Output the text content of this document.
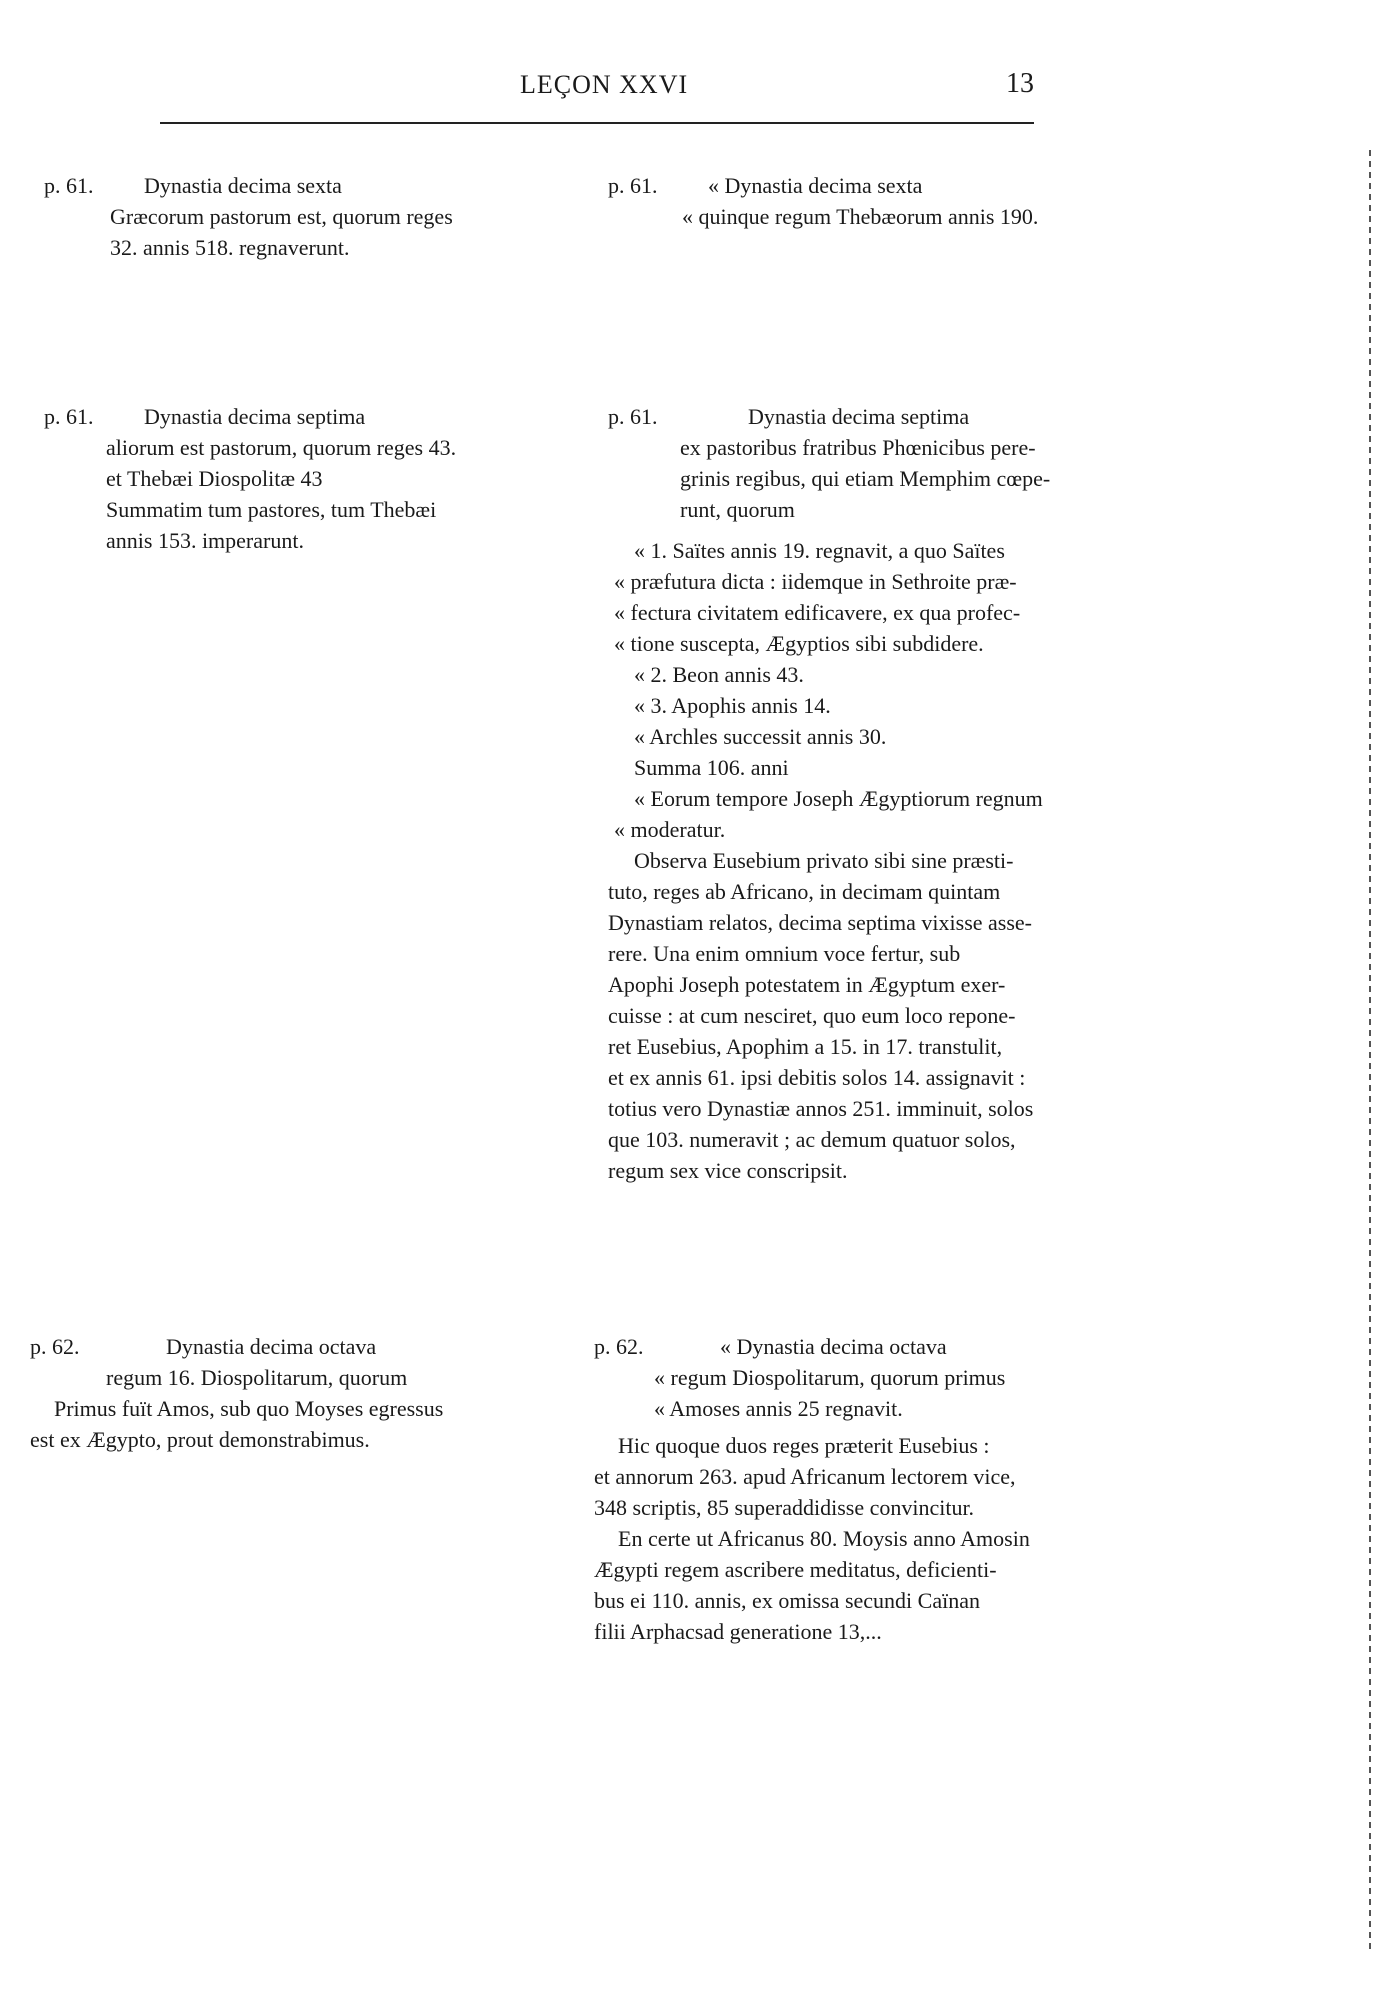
LEÇON XXVI	13
p. 61. Dynastia decima sexta
Græcorum pastorum est, quorum reges
32. annis 518. regnaverunt.
p. 61. « Dynastia decima sexta
« quinque regum Thebæorum annis 190.
p. 61. Dynastia decima septima
aliorum est pastorum, quorum reges 43.
et Thebæi Diospolitæ 43
Summatim tum pastores, tum Thebæi
annis 153. imperarunt.
p. 61.	Dynastia decima septima
ex pastoribus fratribus Phœnicibus pere-
grinis regibus, qui etiam Memphim cœpe-
runt, quorum
« 1. Saïtes annis 19. regnavit, a quo Saïtes
« præfutura dicta : iidemque in Sethroite præ-
« fectura civitatem edificavere, ex qua profec-
« tione suscepta, Ægyptios sibi subdidere.
« 2. Beon annis 43.
« 3. Apophis annis 14.
« Archles successit annis 30.
Summa 106. anni
« Eorum tempore Joseph Ægyptiorum regnum
« moderatur.
Observa Eusebium privato sibi sine præsti-
tuto, reges ab Africano, in decimam quintam
Dynastiam relatos, decima septima vixisse asse-
rere. Una enim omnium voce fertur, sub
Apophi Joseph potestatem in Ægyptum exer-
cuisse : at cum nesciret, quo eum loco repone-
ret Eusebius, Apophim a 15. in 17. transtulit,
et ex annis 61. ipsi debitis solos 14. assignavit :
totius vero Dynastiæ annos 251. imminuit, solos
que 103. numeravit ; ac demum quatuor solos,
regum sex vice conscripsit.
p. 62.	Dynastia decima octava
regum 16. Diospolitarum, quorum
Primus fuït Amos, sub quo Moyses egressus
est ex Ægypto, prout demonstrabimus.
p. 62.	« Dynastia decima octava
« regum Diospolitarum, quorum primus
« Amoses annis 25 regnavit.
Hic quoque duos reges præterit Eusebius :
et annorum 263. apud Africanum lectorem vice,
348 scriptis, 85 superaddidisse convincitur.
En certe ut Africanus 80. Moysis anno Amosin
Ægypti regem ascribere meditatus, deficienti-
bus ei 110. annis, ex omissa secundi Caïnan
filii Arphacsad generatione 13,...
